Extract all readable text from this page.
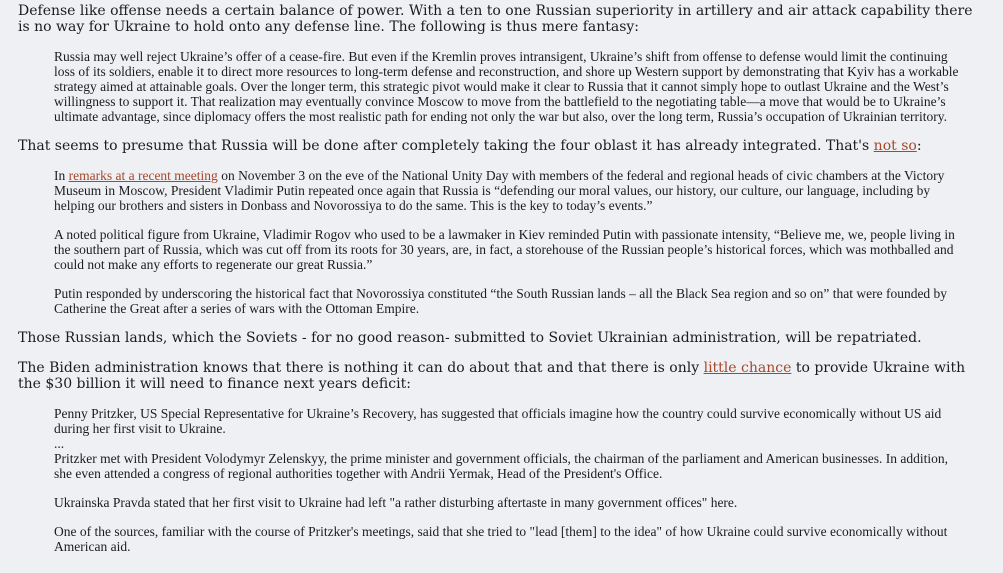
Defense like offense needs a certain balance of power. With a ten to one Russian superiority in artillery and air attack capability there is no way for Ukraine to hold onto any defense line. The following is thus mere fantasy:

Russia may well reject Ukraine’s offer of a cease-fire. But even if the Kremlin proves intransigent, Ukraine’s shift from offense to defense would limit the continuing loss of its soldiers, enable it to direct more resources to long-term defense and reconstruction, and shore up Western support by demonstrating that Kyiv has a workable strategy aimed at attainable goals. Over the longer term, this strategic pivot would make it clear to Russia that it cannot simply hope to outlast Ukraine and the West’s willingness to support it. That realization may eventually convince Moscow to move from the battlefield to the negotiating table—a move that would be to Ukraine’s ultimate advantage, since diplomacy offers the most realistic path for ending not only the war but also, over the long term, Russia’s occupation of Ukrainian territory.

That seems to presume that Russia will be done after completely taking the four oblast it has already integrated. That's not so:

In remarks at a recent meeting on November 3 on the eve of the National Unity Day with members of the federal and regional heads of civic chambers at the Victory Museum in Moscow, President Vladimir Putin repeated once again that Russia is “defending our moral values, our history, our culture, our language, including by helping our brothers and sisters in Donbass and Novorossiya to do the same. This is the key to today’s events.”

A noted political figure from Ukraine, Vladimir Rogov who used to be a lawmaker in Kiev reminded Putin with passionate intensity, “Believe me, we, people living in the southern part of Russia, which was cut off from its roots for 30 years, are, in fact, a storehouse of the Russian people’s historical forces, which was mothballed and could not make any efforts to regenerate our great Russia.”

Putin responded by underscoring the historical fact that Novorossiya constituted “the South Russian lands – all the Black Sea region and so on” that were founded by Catherine the Great after a series of wars with the Ottoman Empire.

Those Russian lands, which the Soviets - for no good reason- submitted to Soviet Ukrainian administration, will be repatriated.

The Biden administration knows that there is nothing it can do about that and that there is only little chance to provide Ukraine with the $30 billion it will need to finance next years deficit:

Penny Pritzker, US Special Representative for Ukraine’s Recovery, has suggested that officials imagine how the country could survive economically without US aid during her first visit to Ukraine.

...

Pritzker met with President Volodymyr Zelenskyy, the prime minister and government officials, the chairman of the parliament and American businesses. In addition, she even attended a congress of regional authorities together with Andrii Yermak, Head of the President's Office.

Ukrainska Pravda stated that her first visit to Ukraine had left "a rather disturbing aftertaste in many government offices" here.

One of the sources, familiar with the course of Pritzker's meetings, said that she tried to "lead [them] to the idea" of how Ukraine could survive economically without American aid.
